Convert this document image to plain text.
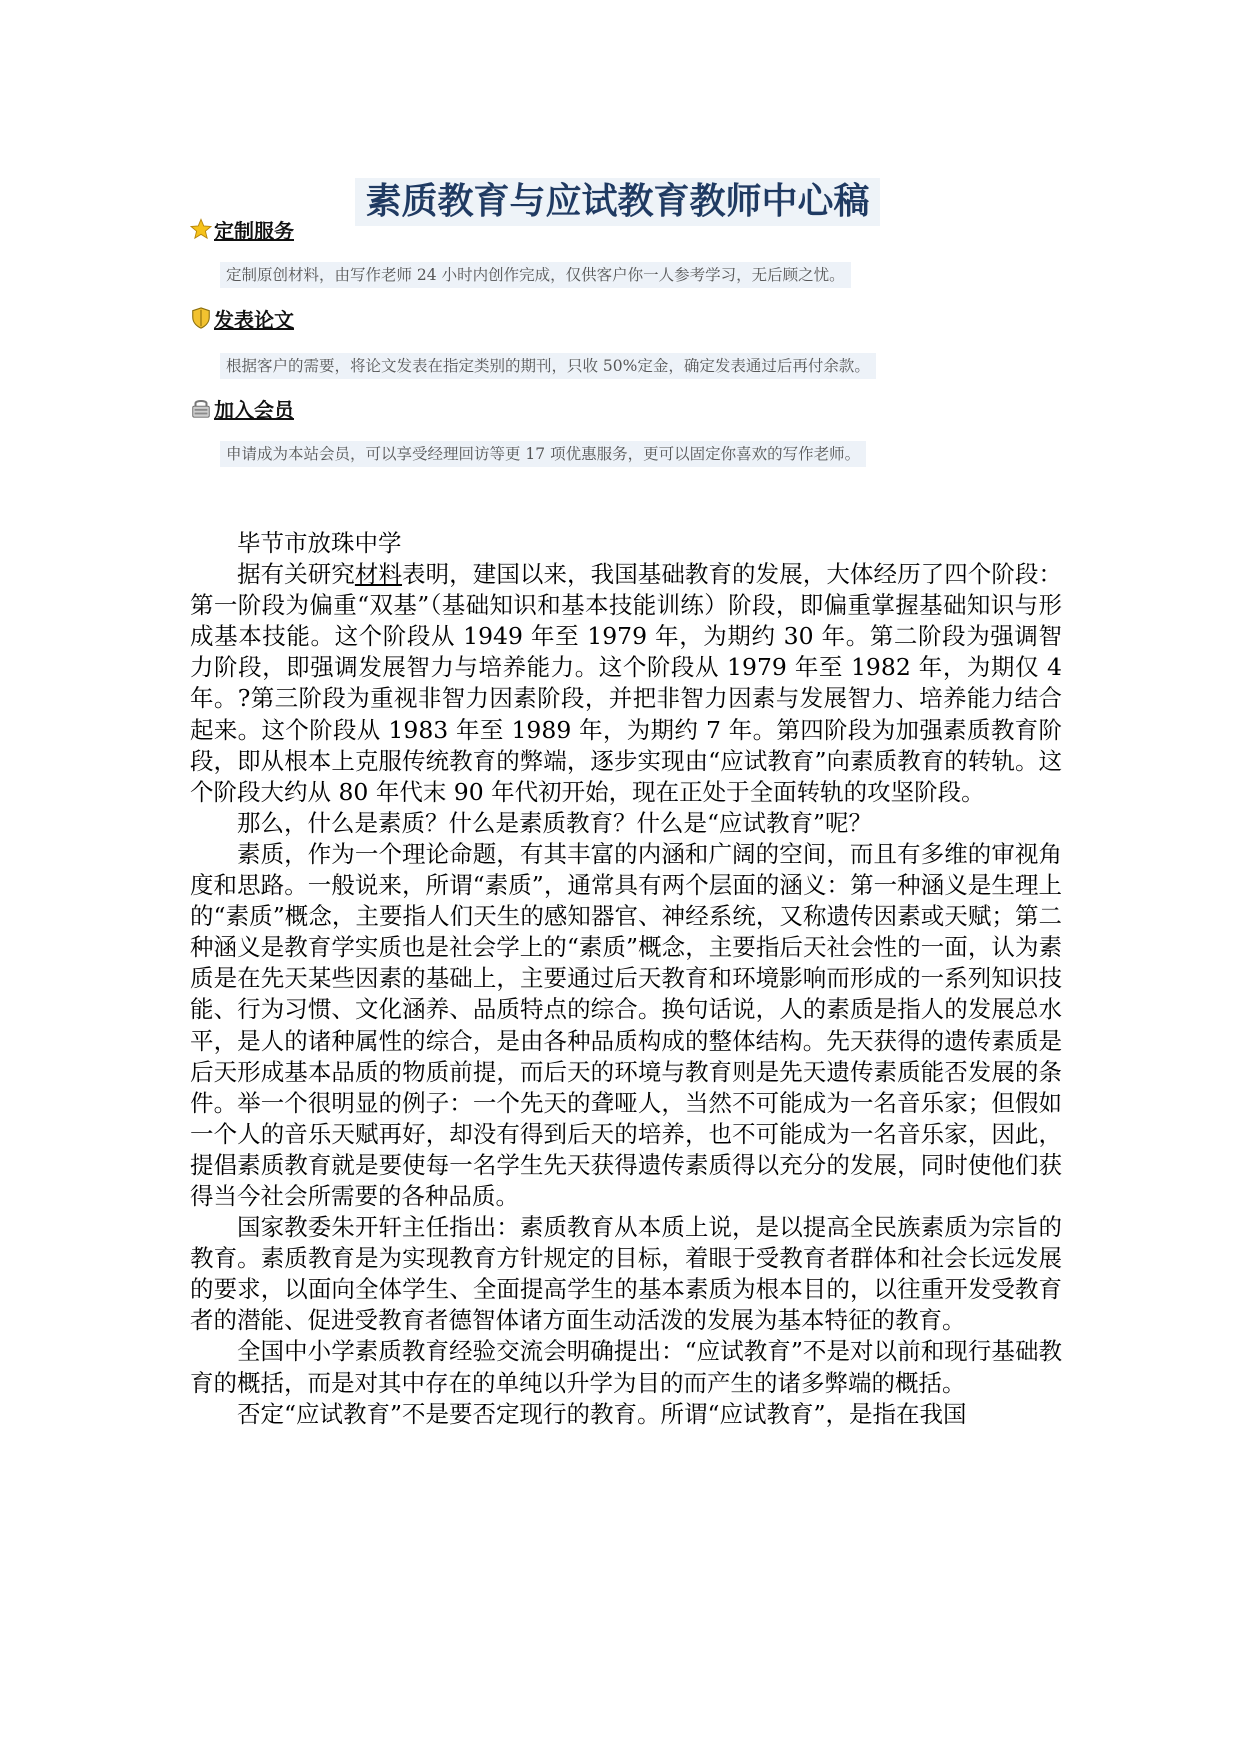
素质教育与应试教育教师中心稿
定制服务
定制原创材料，由写作老师 24 小时内创作完成，仅供客户你一人参考学习，无后顾之忧。
发表论文
根据客户的需要，将论文发表在指定类别的期刊，只收 50%定金，确定发表通过后再付余款。
加入会员
申请成为本站会员，可以享受经理回访等更 17 项优惠服务，更可以固定你喜欢的写作老师。

毕节市放珠中学

据有关研究材料表明，建国以来，我国基础教育的发展，大体经历了四个阶段：第一阶段为偏重“双基”（基础知识和基本技能训练）阶段，即偏重掌握基础知识与形成基本技能。这个阶段从 1949 年至 1979 年，为期约 30 年。第二阶段为强调智力阶段，即强调发展智力与培养能力。这个阶段从 1979 年至 1982 年，为期仅 4 年。?第三阶段为重视非智力因素阶段，并把非智力因素与发展智力、培养能力结合起来。这个阶段从 1983 年至 1989 年，为期约 7 年。第四阶段为加强素质教育阶段，即从根本上克服传统教育的弊端，逐步实现由“应试教育”向素质教育的转轨。这个阶段大约从 80 年代末 90 年代初开始，现在正处于全面转轨的攻坚阶段。

那么，什么是素质？什么是素质教育？什么是“应试教育”呢？

素质，作为一个理论命题，有其丰富的内涵和广阔的空间，而且有多维的审视角度和思路。一般说来，所谓“素质”，通常具有两个层面的涵义：第一种涵义是生理上的“素质”概念，主要指人们天生的感知器官、神经系统，又称遗传因素或天赋；第二种涵义是教育学实质也是社会学上的“素质”概念，主要指后天社会性的一面，认为素质是在先天某些因素的基础上，主要通过后天教育和环境影响而形成的一系列知识技能、行为习惯、文化涵养、品质特点的综合。换句话说，人的素质是指人的发展总水平，是人的诸种属性的综合，是由各种品质构成的整体结构。先天获得的遗传素质是后天形成基本品质的物质前提，而后天的环境与教育则是先天遗传素质能否发展的条件。举一个很明显的例子：一个先天的聋哑人，当然不可能成为一名音乐家；但假如一个人的音乐天赋再好，却没有得到后天的培养，也不可能成为一名音乐家，因此，提倡素质教育就是要使每一名学生先天获得遗传素质得以充分的发展，同时使他们获得当今社会所需要的各种品质。

国家教委朱开轩主任指出：素质教育从本质上说，是以提高全民族素质为宗旨的教育。素质教育是为实现教育方针规定的目标，着眼于受教育者群体和社会长远发展的要求，以面向全体学生、全面提高学生的基本素质为根本目的，以往重开发受教育者的潜能、促进受教育者德智体诸方面生动活泼的发展为基本特征的教育。

全国中小学素质教育经验交流会明确提出：“应试教育”不是对以前和现行基础教育的概括，而是对其中存在的单纯以升学为目的而产生的诸多弊端的概括。

否定“应试教育”不是要否定现行的教育。所谓“应试教育”，是指在我国
